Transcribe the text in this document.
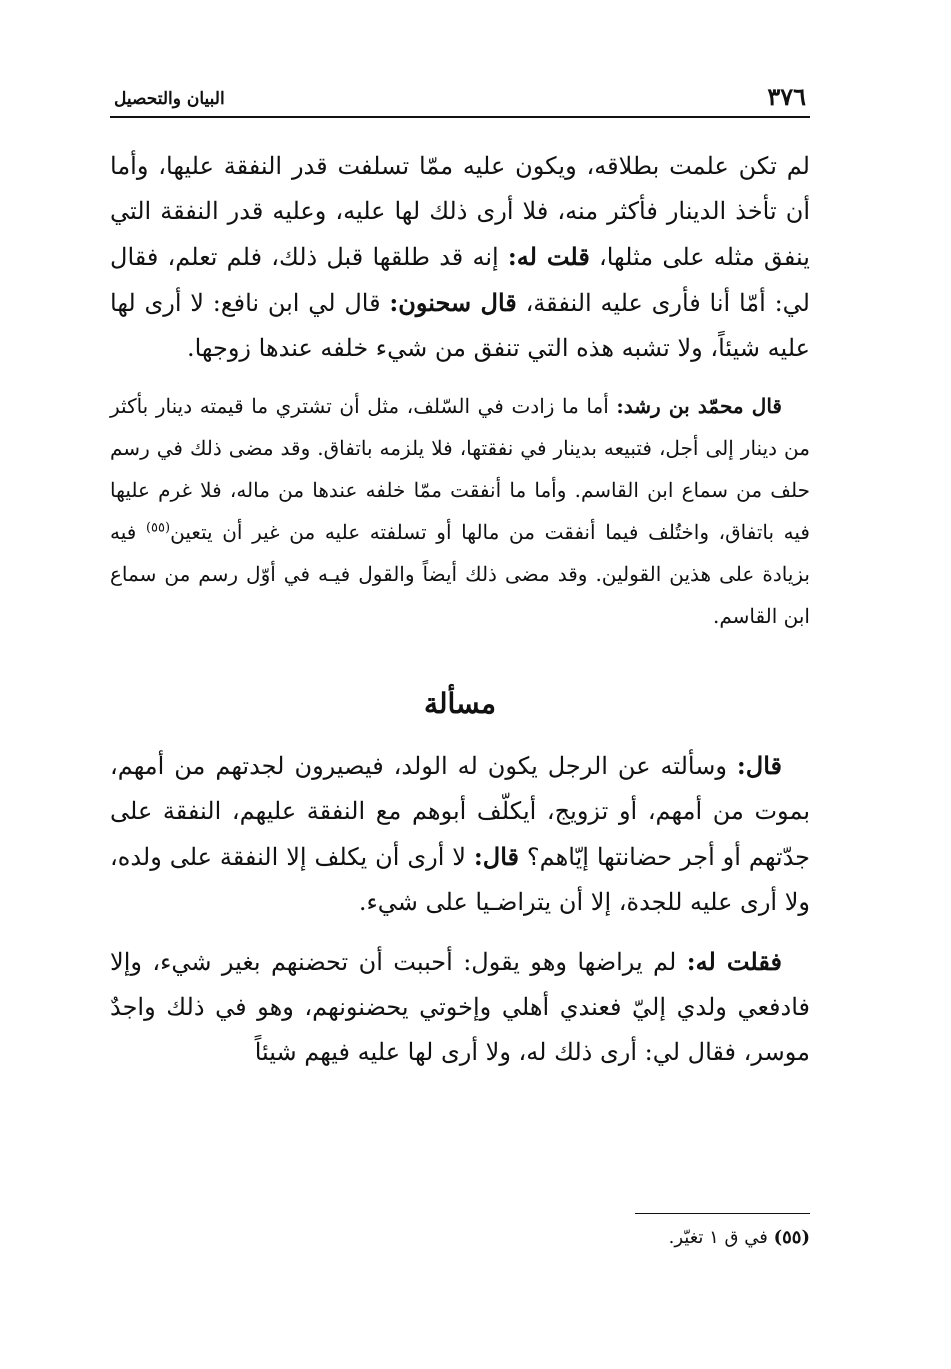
٣٧٦
البيان والتحصيل

لم تكن علمت بطلاقه، ويكون عليه ممّا تسلفت قدر النفقة عليها، وأما أن تأخذ الدينار فأكثر منه، فلا أرى ذلك لها عليه، وعليه قدر النفقة التي ينفق مثله على مثلها، قلت له: إنه قد طلقها قبل ذلك، فلم تعلم، فقال لي: أمّا أنا فأرى عليه النفقة، قال سحنون: قال لي ابن نافع: لا أرى لها عليه شيئاً، ولا تشبه هذه التي تنفق من شيء خلفه عندها زوجها.

قال محمّد بن رشد: أما ما زادت في السّلف، مثل أن تشتري ما قيمته دينار بأكثر من دينار إلى أجل، فتبيعه بدينار في نفقتها، فلا يلزمه باتفاق. وقد مضى ذلك في رسم حلف من سماع ابن القاسم. وأما ما أنفقت ممّا خلفه عندها من ماله، فلا غرم عليها فيه باتفاق، واختُلف فيما أنفقت من مالها أو تسلفته عليه من غير أن يتعين$^{(٥٥)}$ فيه بزيادة على هذين القولين. وقد مضى ذلك أيضاً والقول فيـه في أوّل رسم من سماع ابن القاسم.

مسألة

قال: وسألته عن الرجل يكون له الولد، فيصيرون لجدتهم من أمهم، بموت من أمهم، أو تزويج، أيكلّف أبوهم مع النفقة عليهم، النفقة على جدّتهم أو أجر حضانتها إيّاهم؟ قال: لا أرى أن يكلف إلا النفقة على ولده، ولا أرى عليه للجدة، إلا أن يتراضـيا على شيء.

فقلت له: لم يراضها وهو يقول: أحببت أن تحضنهم بغير شيء، وإلا فادفعي ولدي إليّ فعندي أهلي وإخوتي يحضنونهم، وهو في ذلك واجدٌ موسر، فقال لي: أرى ذلك له، ولا أرى لها عليه فيهم شيئاً

(٥٥) في ق ١ تغيّر.
